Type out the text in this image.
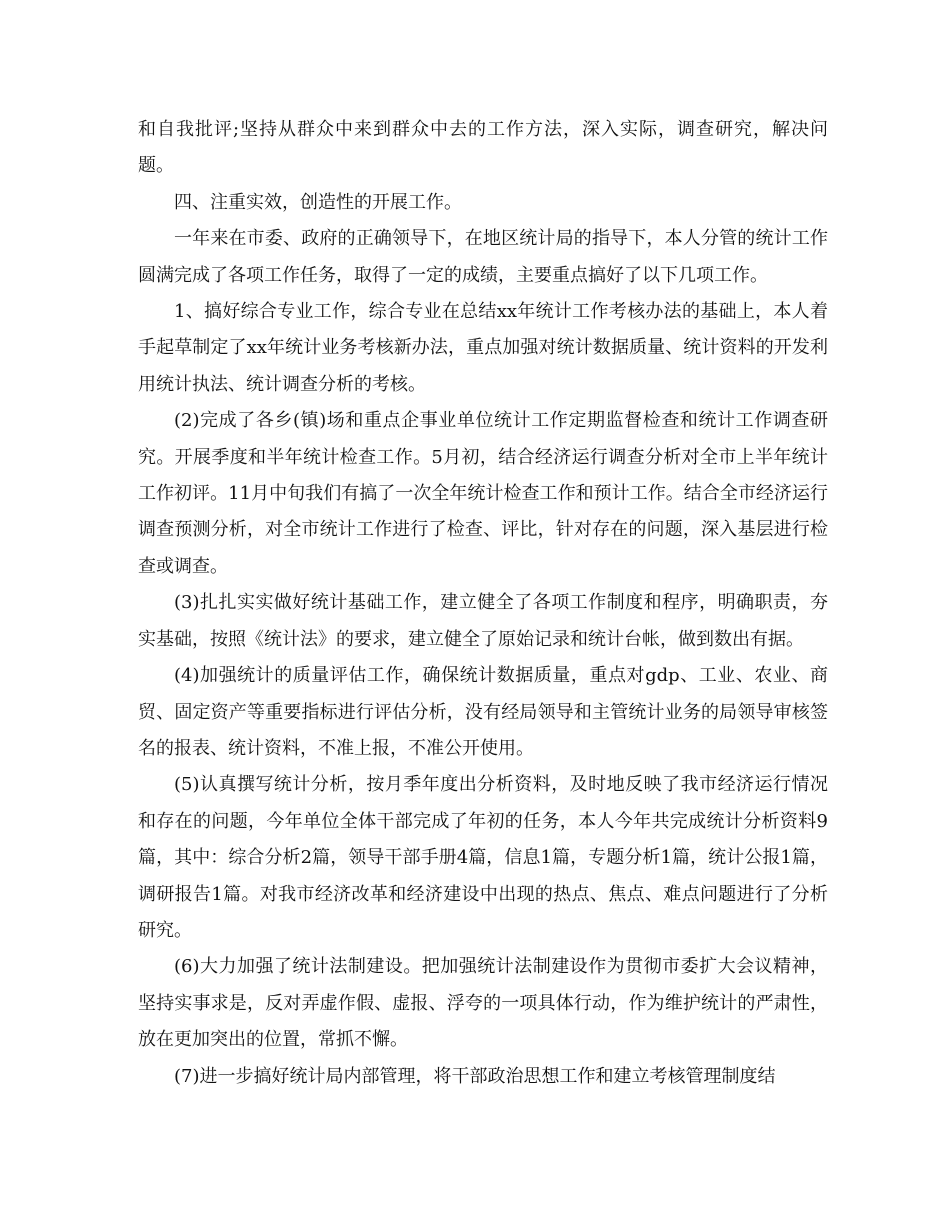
和自我批评;坚持从群众中来到群众中去的工作方法，深入实际，调查研究，解决问题。

四、注重实效，创造性的开展工作。

一年来在市委、政府的正确领导下，在地区统计局的指导下，本人分管的统计工作圆满完成了各项工作任务，取得了一定的成绩，主要重点搞好了以下几项工作。

1、搞好综合专业工作，综合专业在总结xx年统计工作考核办法的基础上，本人着手起草制定了xx年统计业务考核新办法，重点加强对统计数据质量、统计资料的开发利用统计执法、统计调查分析的考核。

(2)完成了各乡(镇)场和重点企事业单位统计工作定期监督检查和统计工作调查研究。开展季度和半年统计检查工作。5月初，结合经济运行调查分析对全市上半年统计工作初评。11月中旬我们有搞了一次全年统计检查工作和预计工作。结合全市经济运行调查预测分析，对全市统计工作进行了检查、评比，针对存在的问题，深入基层进行检查或调查。

(3)扎扎实实做好统计基础工作，建立健全了各项工作制度和程序，明确职责，夯实基础，按照《统计法》的要求，建立健全了原始记录和统计台帐，做到数出有据。

(4)加强统计的质量评估工作，确保统计数据质量，重点对gdp、工业、农业、商贸、固定资产等重要指标进行评估分析，没有经局领导和主管统计业务的局领导审核签名的报表、统计资料，不准上报，不准公开使用。

(5)认真撰写统计分析，按月季年度出分析资料，及时地反映了我市经济运行情况和存在的问题，今年单位全体干部完成了年初的任务，本人今年共完成统计分析资料9篇，其中：综合分析2篇，领导干部手册4篇，信息1篇，专题分析1篇，统计公报1篇，调研报告1篇。对我市经济改革和经济建设中出现的热点、焦点、难点问题进行了分析研究。

(6)大力加强了统计法制建设。把加强统计法制建设作为贯彻市委扩大会议精神，坚持实事求是，反对弄虚作假、虚报、浮夸的一项具体行动，作为维护统计的严肃性，放在更加突出的位置，常抓不懈。

(7)进一步搞好统计局内部管理，将干部政治思想工作和建立考核管理制度结
